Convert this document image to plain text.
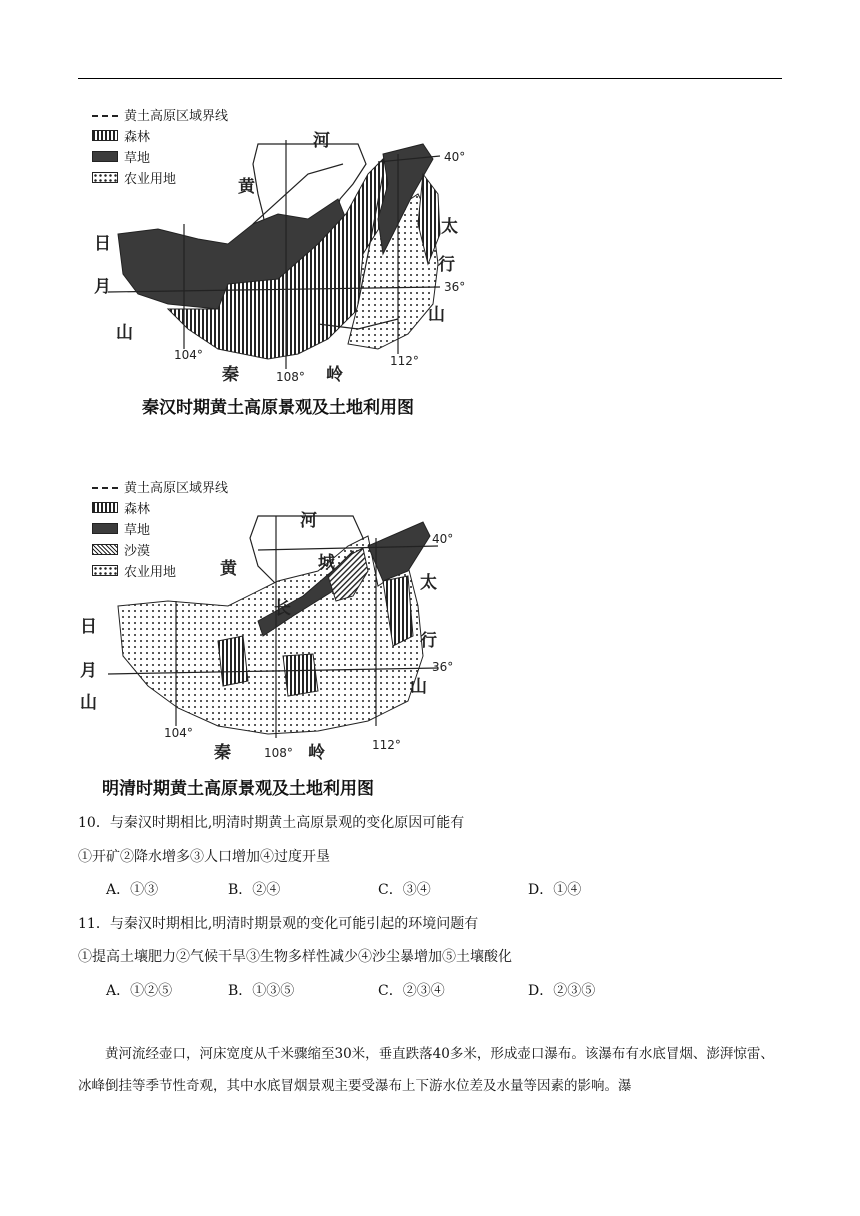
黄土高原区域界线
森林
草地
农业用地
河
黄
日
月
山
太
行
山
秦	岭
40°
36°
104°
108°
112°
秦汉时期黄土高原景观及土地利用图
黄土高原区域界线
森林
草地
沙漠
农业用地
河
黄	城
长
日
月
山
太
行
山
秦	岭
40°
36°
104°
108°
112°
明清时期黄土高原景观及土地利用图
10．与秦汉时期相比,明清时期黄土高原景观的变化原因可能有
①开矿②降水增多③人口增加④过度开垦
A．①③	B．②④	C．③④	D．①④
11．与秦汉时期相比,明清时期景观的变化可能引起的环境问题有
①提高土壤肥力②气候干旱③生物多样性减少④沙尘暴增加⑤土壤酸化
A．①②⑤	B．①③⑤	C．②③④	D．②③⑤
黄河流经壶口，河床宽度从千米骤缩至30米，垂直跌落40多米，形成壶口瀑布。该瀑布有水底冒烟、澎湃惊雷、冰峰倒挂等季节性奇观，其中水底冒烟景观主要受瀑布上下游水位差及水量等因素的影响。瀑
